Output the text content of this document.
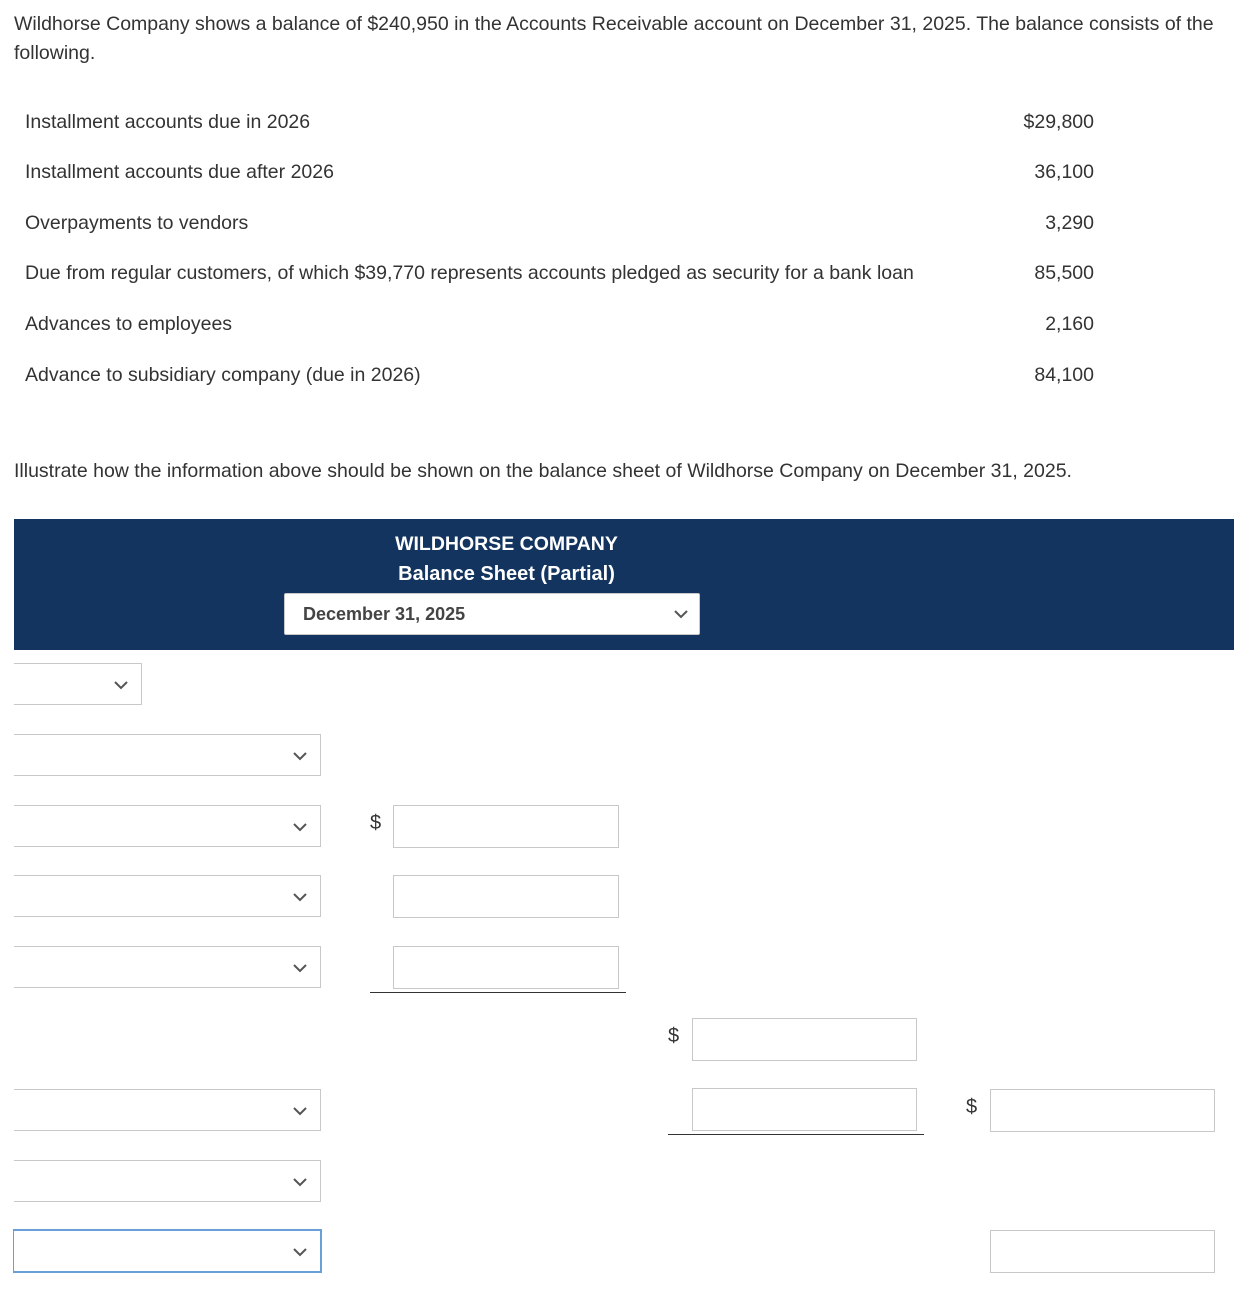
Wildhorse Company shows a balance of $240,950 in the Accounts Receivable account on December 31, 2025. The balance consists of the following.
Installment accounts due in 2026	$29,800
Installment accounts due after 2026	36,100
Overpayments to vendors	3,290
Due from regular customers, of which $39,770 represents accounts pledged as security for a bank loan	85,500
Advances to employees	2,160
Advance to subsidiary company (due in 2026)	84,100
Illustrate how the information above should be shown on the balance sheet of Wildhorse Company on December 31, 2025.
WILDHORSE COMPANY
Balance Sheet (Partial)
December 31, 2025
$
$
$
